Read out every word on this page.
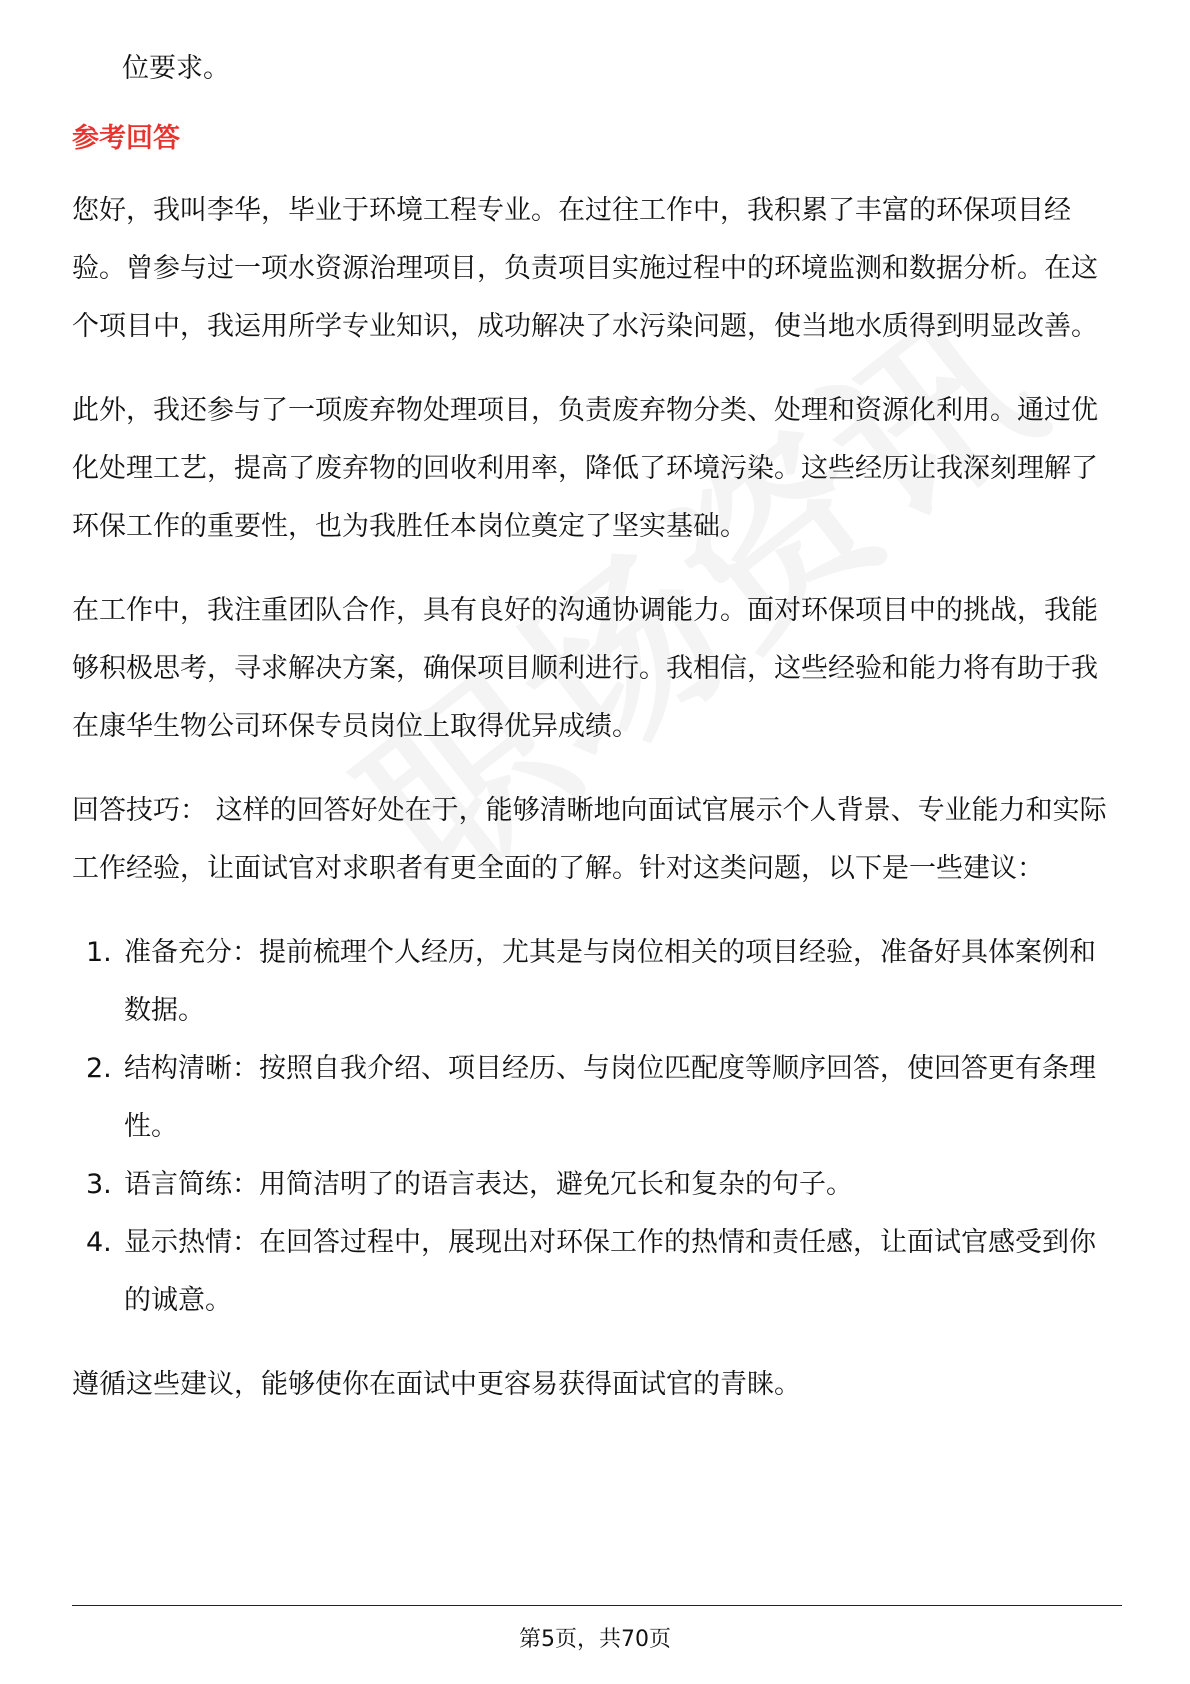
位要求。

参考回答

您好，我叫李华，毕业于环境工程专业。在过往工作中，我积累了丰富的环保项目经验。曾参与过一项水资源治理项目，负责项目实施过程中的环境监测和数据分析。在这个项目中，我运用所学专业知识，成功解决了水污染问题，使当地水质得到明显改善。

此外，我还参与了一项废弃物处理项目，负责废弃物分类、处理和资源化利用。通过优化处理工艺，提高了废弃物的回收利用率，降低了环境污染。这些经历让我深刻理解了环保工作的重要性，也为我胜任本岗位奠定了坚实基础。

在工作中，我注重团队合作，具有良好的沟通协调能力。面对环保项目中的挑战，我能够积极思考，寻求解决方案，确保项目顺利进行。我相信，这些经验和能力将有助于我在康华生物公司环保专员岗位上取得优异成绩。

回答技巧： 这样的回答好处在于，能够清晰地向面试官展示个人背景、专业能力和实际工作经验，让面试官对求职者有更全面的了解。针对这类问题，以下是一些建议：

1. 准备充分：提前梳理个人经历，尤其是与岗位相关的项目经验，准备好具体案例和数据。
2. 结构清晰：按照自我介绍、项目经历、与岗位匹配度等顺序回答，使回答更有条理性。
3. 语言简练：用简洁明了的语言表达，避免冗长和复杂的句子。
4. 显示热情：在回答过程中，展现出对环保工作的热情和责任感，让面试官感受到你的诚意。

遵循这些建议，能够使你在面试中更容易获得面试官的青睐。

第5页，共70页
